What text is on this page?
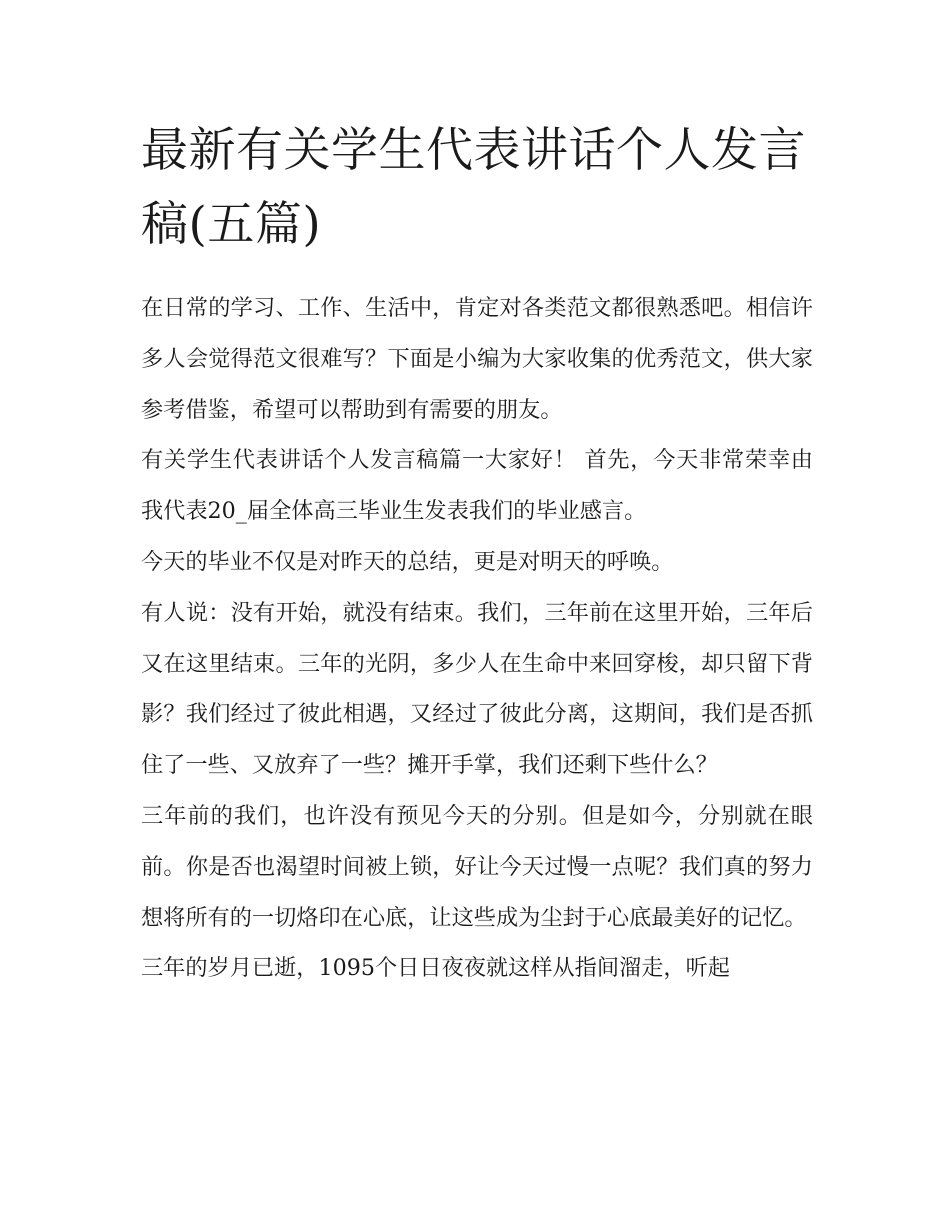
最新有关学生代表讲话个人发言稿(五篇)

在日常的学习、工作、生活中，肯定对各类范文都很熟悉吧。相信许多人会觉得范文很难写？下面是小编为大家收集的优秀范文，供大家参考借鉴，希望可以帮助到有需要的朋友。

有关学生代表讲话个人发言稿篇一大家好！ 首先，今天非常荣幸由我代表20_届全体高三毕业生发表我们的毕业感言。

今天的毕业不仅是对昨天的总结，更是对明天的呼唤。

有人说：没有开始，就没有结束。我们，三年前在这里开始，三年后又在这里结束。三年的光阴，多少人在生命中来回穿梭，却只留下背影？我们经过了彼此相遇，又经过了彼此分离，这期间，我们是否抓住了一些、又放弃了一些？摊开手掌，我们还剩下些什么？

三年前的我们，也许没有预见今天的分别。但是如今，分别就在眼前。你是否也渴望时间被上锁，好让今天过慢一点呢？我们真的努力想将所有的一切烙印在心底，让这些成为尘封于心底最美好的记忆。

三年的岁月已逝，1095个日日夜夜就这样从指间溜走，听起
